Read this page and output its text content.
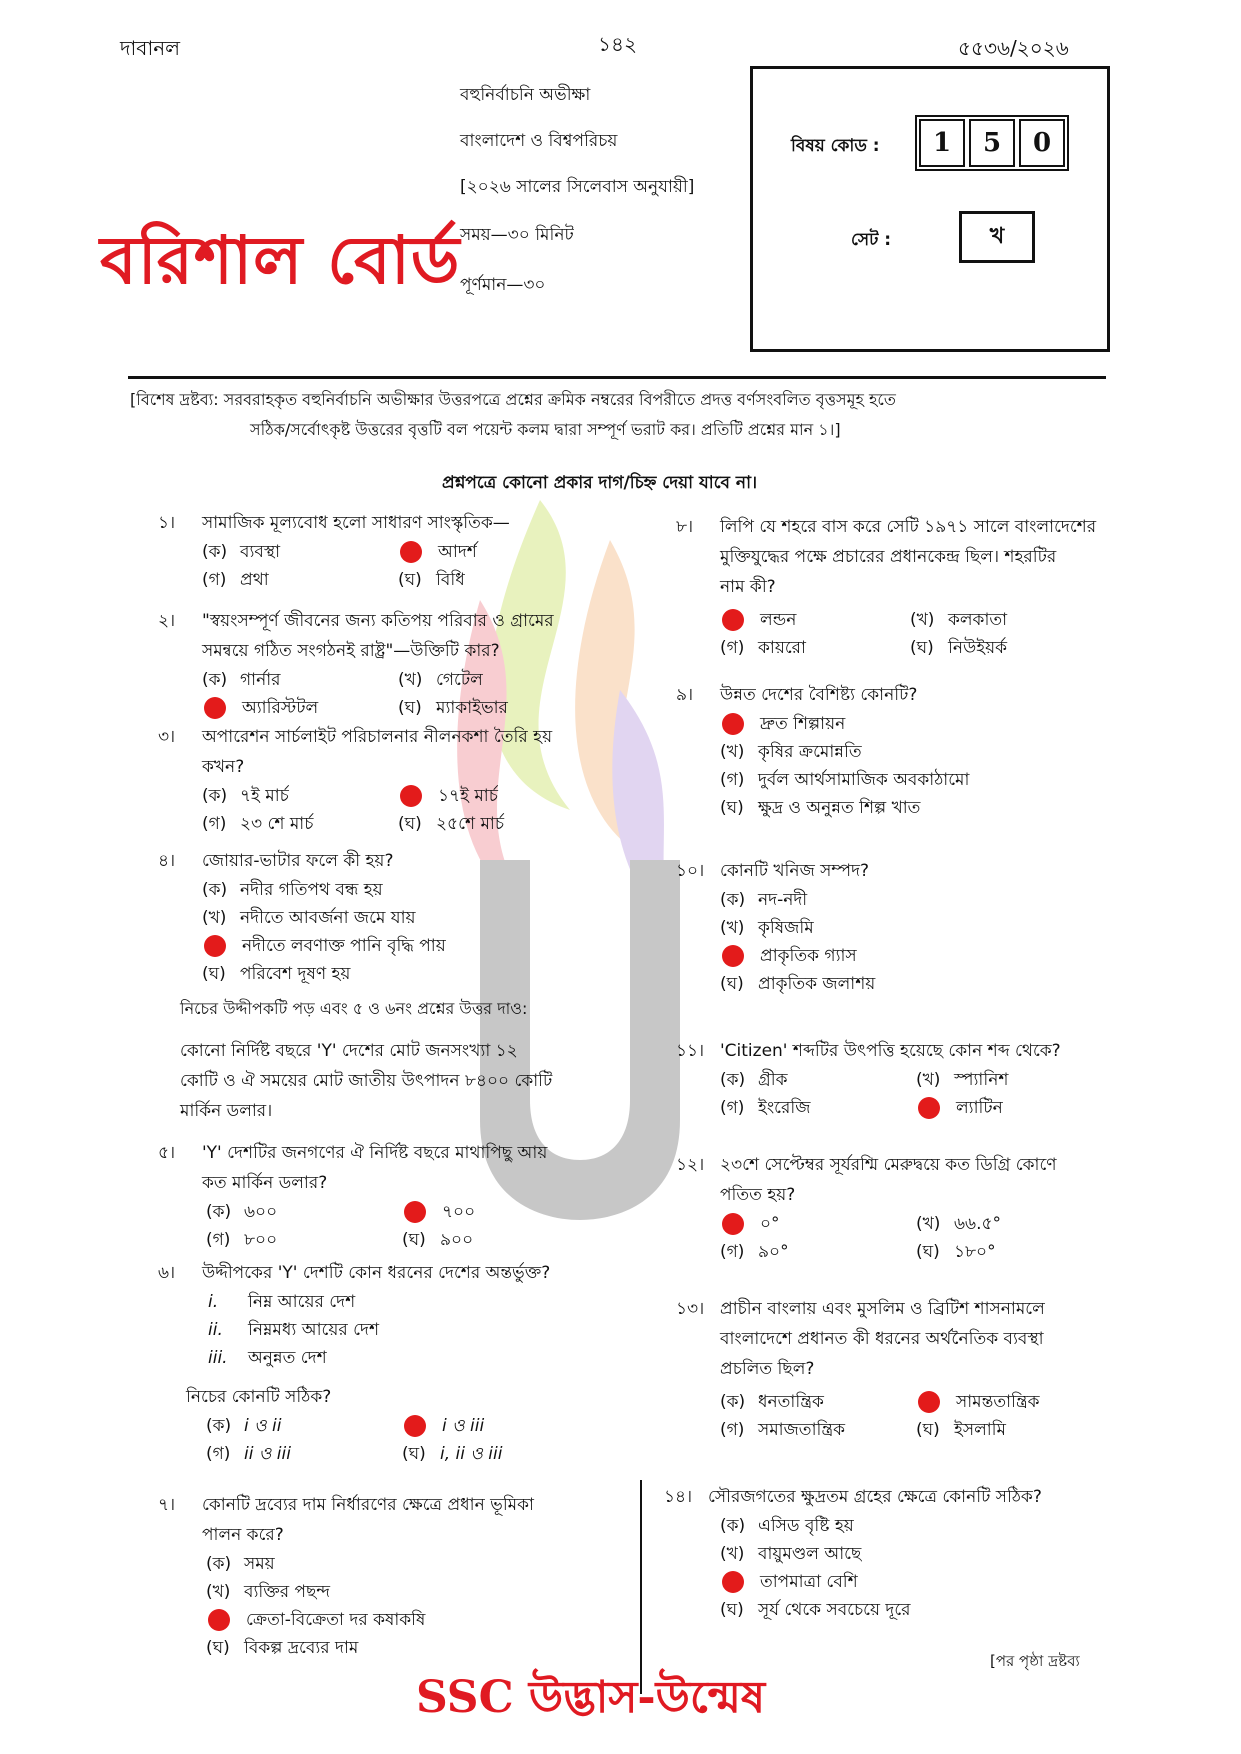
দাবানল	১৪২	৫৫৩৬/২০২৬
বহুনির্বাচনি অভীক্ষা
বাংলাদেশ ও বিশ্বপরিচয়
[২০২৬ সালের সিলেবাস অনুযায়ী]
সময়—৩০ মিনিট
পূর্ণমান—৩০
বরিশাল বোর্ড
বিষয় কোড :	1	5	0
সেট :	খ
[বিশেষ দ্রষ্টব্য: সরবরাহকৃত বহুনির্বাচনি অভীক্ষার উত্তরপত্রে প্রশ্নের ক্রমিক নম্বরের বিপরীতে প্রদত্ত বর্ণসংবলিত বৃত্তসমূহ হতে
সঠিক/সর্বোৎকৃষ্ট উত্তরের বৃত্তটি বল পয়েন্ট কলম দ্বারা সম্পূর্ণ ভরাট কর। প্রতিটি প্রশ্নের মান ১।]
প্রশ্নপত্রে কোনো প্রকার দাগ/চিহ্ন দেয়া যাবে না।
১। সামাজিক মূল্যবোধ হলো সাধারণ সাংস্কৃতিক—
(ক) ব্যবস্থা	আদর্শ
(গ) প্রথা	(ঘ) বিধি
২। "স্বয়ংসম্পূর্ণ জীবনের জন্য কতিপয় পরিবার ও গ্রামের
সমন্বয়ে গঠিত সংগঠনই রাষ্ট্র"—উক্তিটি কার?
(ক) গার্নার	(খ) গেটেল
অ্যারিস্টটল	(ঘ) ম্যাকাইভার
৩। অপারেশন সার্চলাইট পরিচালনার নীলনকশা তৈরি হয়
কখন?
(ক) ৭ই মার্চ	১৭ই মার্চ
(গ) ২৩ শে মার্চ	(ঘ) ২৫শে মার্চ
৪। জোয়ার-ভাটার ফলে কী হয়?
(ক) নদীর গতিপথ বন্ধ হয়
(খ) নদীতে আবর্জনা জমে যায়
নদীতে লবণাক্ত পানি বৃদ্ধি পায়
(ঘ) পরিবেশ দূষণ হয়
নিচের উদ্দীপকটি পড় এবং ৫ ও ৬নং প্রশ্নের উত্তর দাও:
কোনো নির্দিষ্ট বছরে 'Y' দেশের মোট জনসংখ্যা ১২
কোটি ও ঐ সময়ের মোট জাতীয় উৎপাদন ৮৪০০ কোটি
মার্কিন ডলার।
৫। 'Y' দেশটির জনগণের ঐ নির্দিষ্ট বছরে মাথাপিছু আয়
কত মার্কিন ডলার?
(ক) ৬০০	৭০০
(গ) ৮০০	(ঘ) ৯০০
৬। উদ্দীপকের 'Y' দেশটি কোন ধরনের দেশের অন্তর্ভুক্ত?
i. নিম্ন আয়ের দেশ
ii. নিম্নমধ্য আয়ের দেশ
iii. অনুন্নত দেশ
নিচের কোনটি সঠিক?
(ক) i ও ii	i ও iii
(গ) ii ও iii	(ঘ) i, ii ও iii
৭। কোনটি দ্রব্যের দাম নির্ধারণের ক্ষেত্রে প্রধান ভূমিকা
পালন করে?
(ক) সময়
(খ) ব্যক্তির পছন্দ
ক্রেতা-বিক্রেতা দর কষাকষি
(ঘ) বিকল্প দ্রব্যের দাম
৮। লিপি যে শহরে বাস করে সেটি ১৯৭১ সালে বাংলাদেশের
মুক্তিযুদ্ধের পক্ষে প্রচারের প্রধানকেন্দ্র ছিল। শহরটির
নাম কী?
লন্ডন	(খ) কলকাতা
(গ) কায়রো	(ঘ) নিউইয়র্ক
৯। উন্নত দেশের বৈশিষ্ট্য কোনটি?
দ্রুত শিল্পায়ন
(খ) কৃষির ক্রমোন্নতি
(গ) দুর্বল আর্থসামাজিক অবকাঠামো
(ঘ) ক্ষুদ্র ও অনুন্নত শিল্প খাত
১০। কোনটি খনিজ সম্পদ?
(ক) নদ-নদী
(খ) কৃষিজমি
প্রাকৃতিক গ্যাস
(ঘ) প্রাকৃতিক জলাশয়
১১। 'Citizen' শব্দটির উৎপত্তি হয়েছে কোন শব্দ থেকে?
(ক) গ্রীক	(খ) স্প্যানিশ
(গ) ইংরেজি	ল্যাটিন
১২। ২৩শে সেপ্টেম্বর সূর্যরশ্মি মেরুদ্বয়ে কত ডিগ্রি কোণে
পতিত হয়?
০°	(খ) ৬৬.৫°
(গ) ৯০°	(ঘ) ১৮০°
১৩। প্রাচীন বাংলায় এবং মুসলিম ও ব্রিটিশ শাসনামলে
বাংলাদেশে প্রধানত কী ধরনের অর্থনৈতিক ব্যবস্থা
প্রচলিত ছিল?
(ক) ধনতান্ত্রিক	সামন্ততান্ত্রিক
(গ) সমাজতান্ত্রিক	(ঘ) ইসলামি
১৪। সৌরজগতের ক্ষুদ্রতম গ্রহের ক্ষেত্রে কোনটি সঠিক?
(ক) এসিড বৃষ্টি হয়
(খ) বায়ুমণ্ডল আছে
তাপমাত্রা বেশি
(ঘ) সূর্য থেকে সবচেয়ে দূরে
[পর পৃষ্ঠা দ্রষ্টব্য
SSC উদ্ভাস-উন্মেষ
